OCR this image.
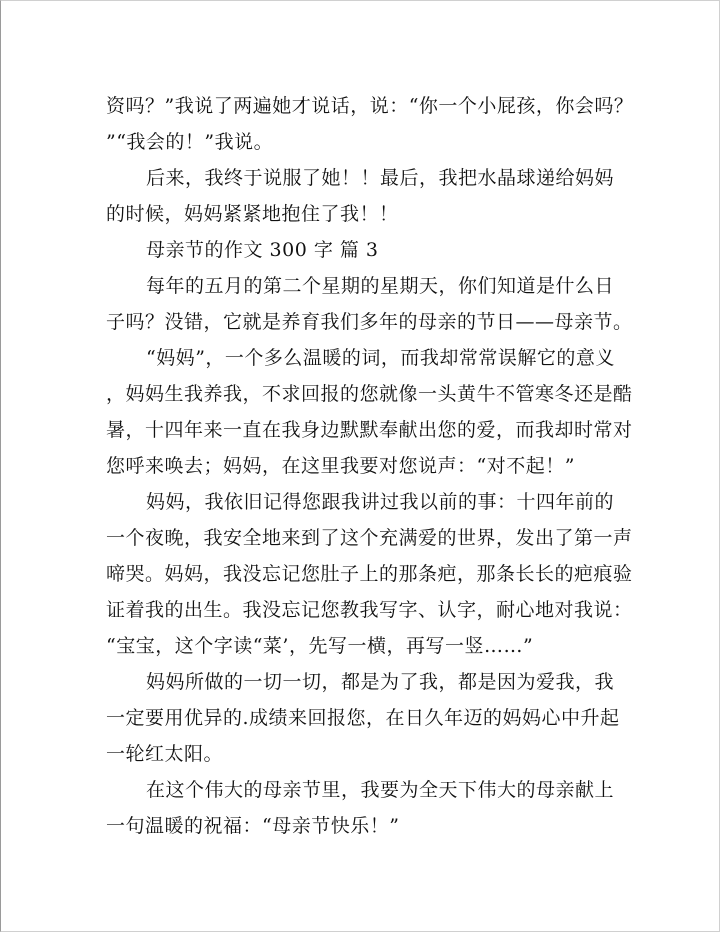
资吗？”我说了两遍她才说话，说：“你一个小屁孩，你会吗？
”“我会的！”我说。
后来，我终于说服了她！！最后，我把水晶球递给妈妈
的时候，妈妈紧紧地抱住了我！！
母亲节的作文 300 字 篇 3
每年的五月的第二个星期的星期天，你们知道是什么日
子吗？没错，它就是养育我们多年的母亲的节日——母亲节。
“妈妈”，一个多么温暖的词，而我却常常误解它的意义
，妈妈生我养我，不求回报的您就像一头黄牛不管寒冬还是酷
暑，十四年来一直在我身边默默奉献出您的爱，而我却时常对
您呼来唤去；妈妈，在这里我要对您说声：“对不起！”
妈妈，我依旧记得您跟我讲过我以前的事：十四年前的
一个夜晚，我安全地来到了这个充满爱的世界，发出了第一声
啼哭。妈妈，我没忘记您肚子上的那条疤，那条长长的疤痕验
证着我的出生。我没忘记您教我写字、认字，耐心地对我说：
“宝宝，这个字读“菜’，先写一横，再写一竖……”
妈妈所做的一切一切，都是为了我，都是因为爱我，我
一定要用优异的.成绩来回报您，在日久年迈的妈妈心中升起
一轮红太阳。
在这个伟大的母亲节里，我要为全天下伟大的母亲献上
一句温暖的祝福：“母亲节快乐！”
